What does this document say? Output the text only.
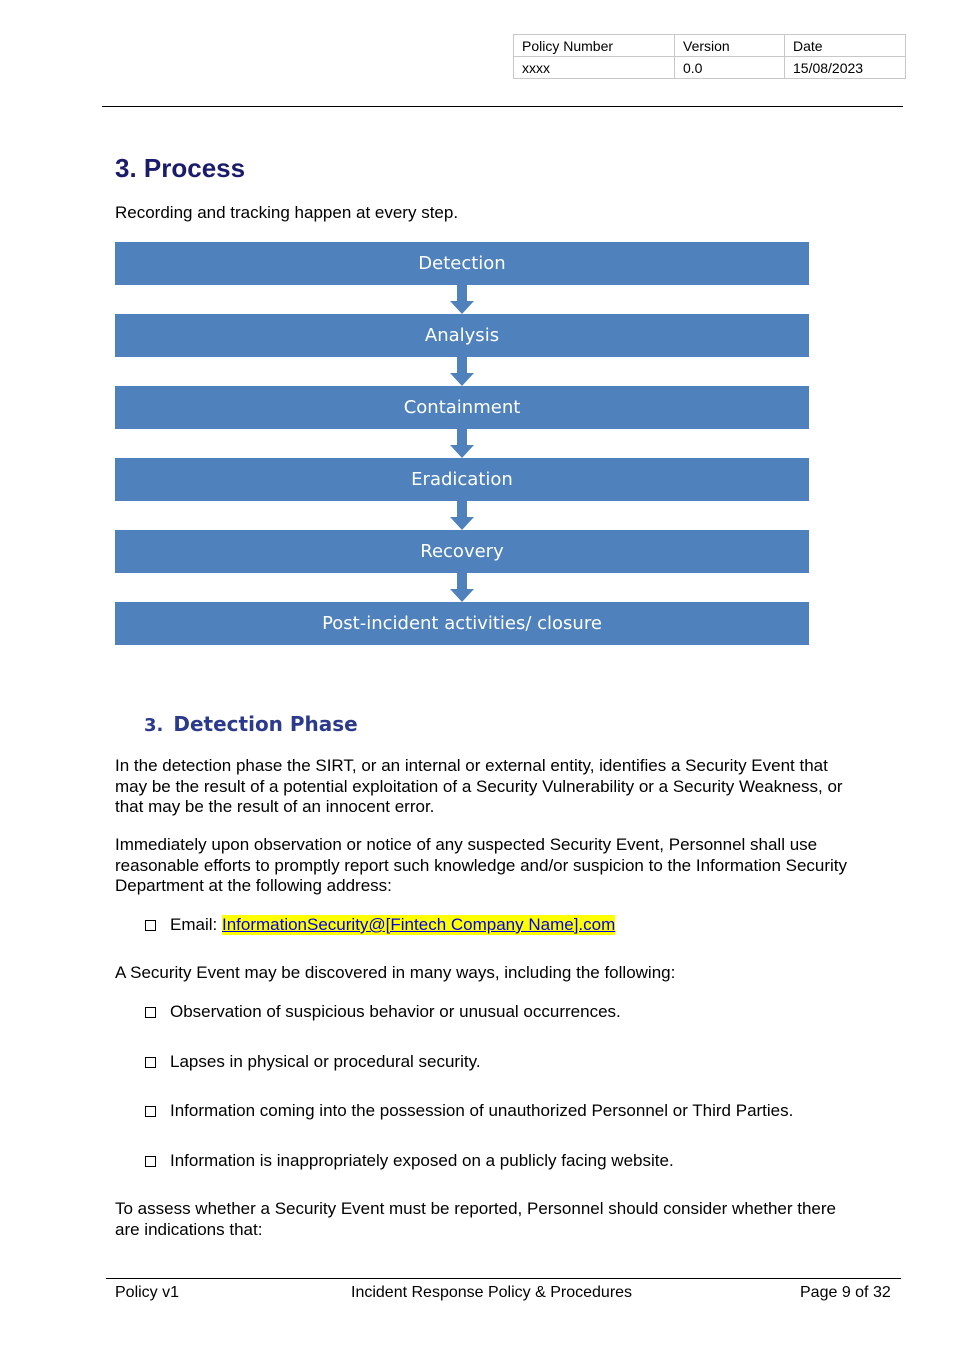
Policy Number	Version	Date
xxxx	0.0	15/08/2023
3. Process

Recording and tracking happen at every step.

Detection
Analysis
Containment
Eradication
Recovery
Post-incident activities/ closure
3. Detection Phase

In the detection phase the SIRT, or an internal or external entity, identifies a Security Event that may be the result of a potential exploitation of a Security Vulnerability or a Security Weakness, or that may be the result of an innocent error.

Immediately upon observation or notice of any suspected Security Event, Personnel shall use reasonable efforts to promptly report such knowledge and/or suspicion to the Information Security Department at the following address:

Email:
InformationSecurity@[Fintech Company Name].com

A Security Event may be discovered in many ways, including the following:

Observation of suspicious behavior or unusual occurrences.
Lapses in physical or procedural security.
Information coming into the possession of unauthorized Personnel or Third Parties.
Information is inappropriately exposed on a publicly facing website.

To assess whether a Security Event must be reported, Personnel should consider whether there are indications that:

Policy v1	Incident Response Policy & Procedures	Page 9 of 32
